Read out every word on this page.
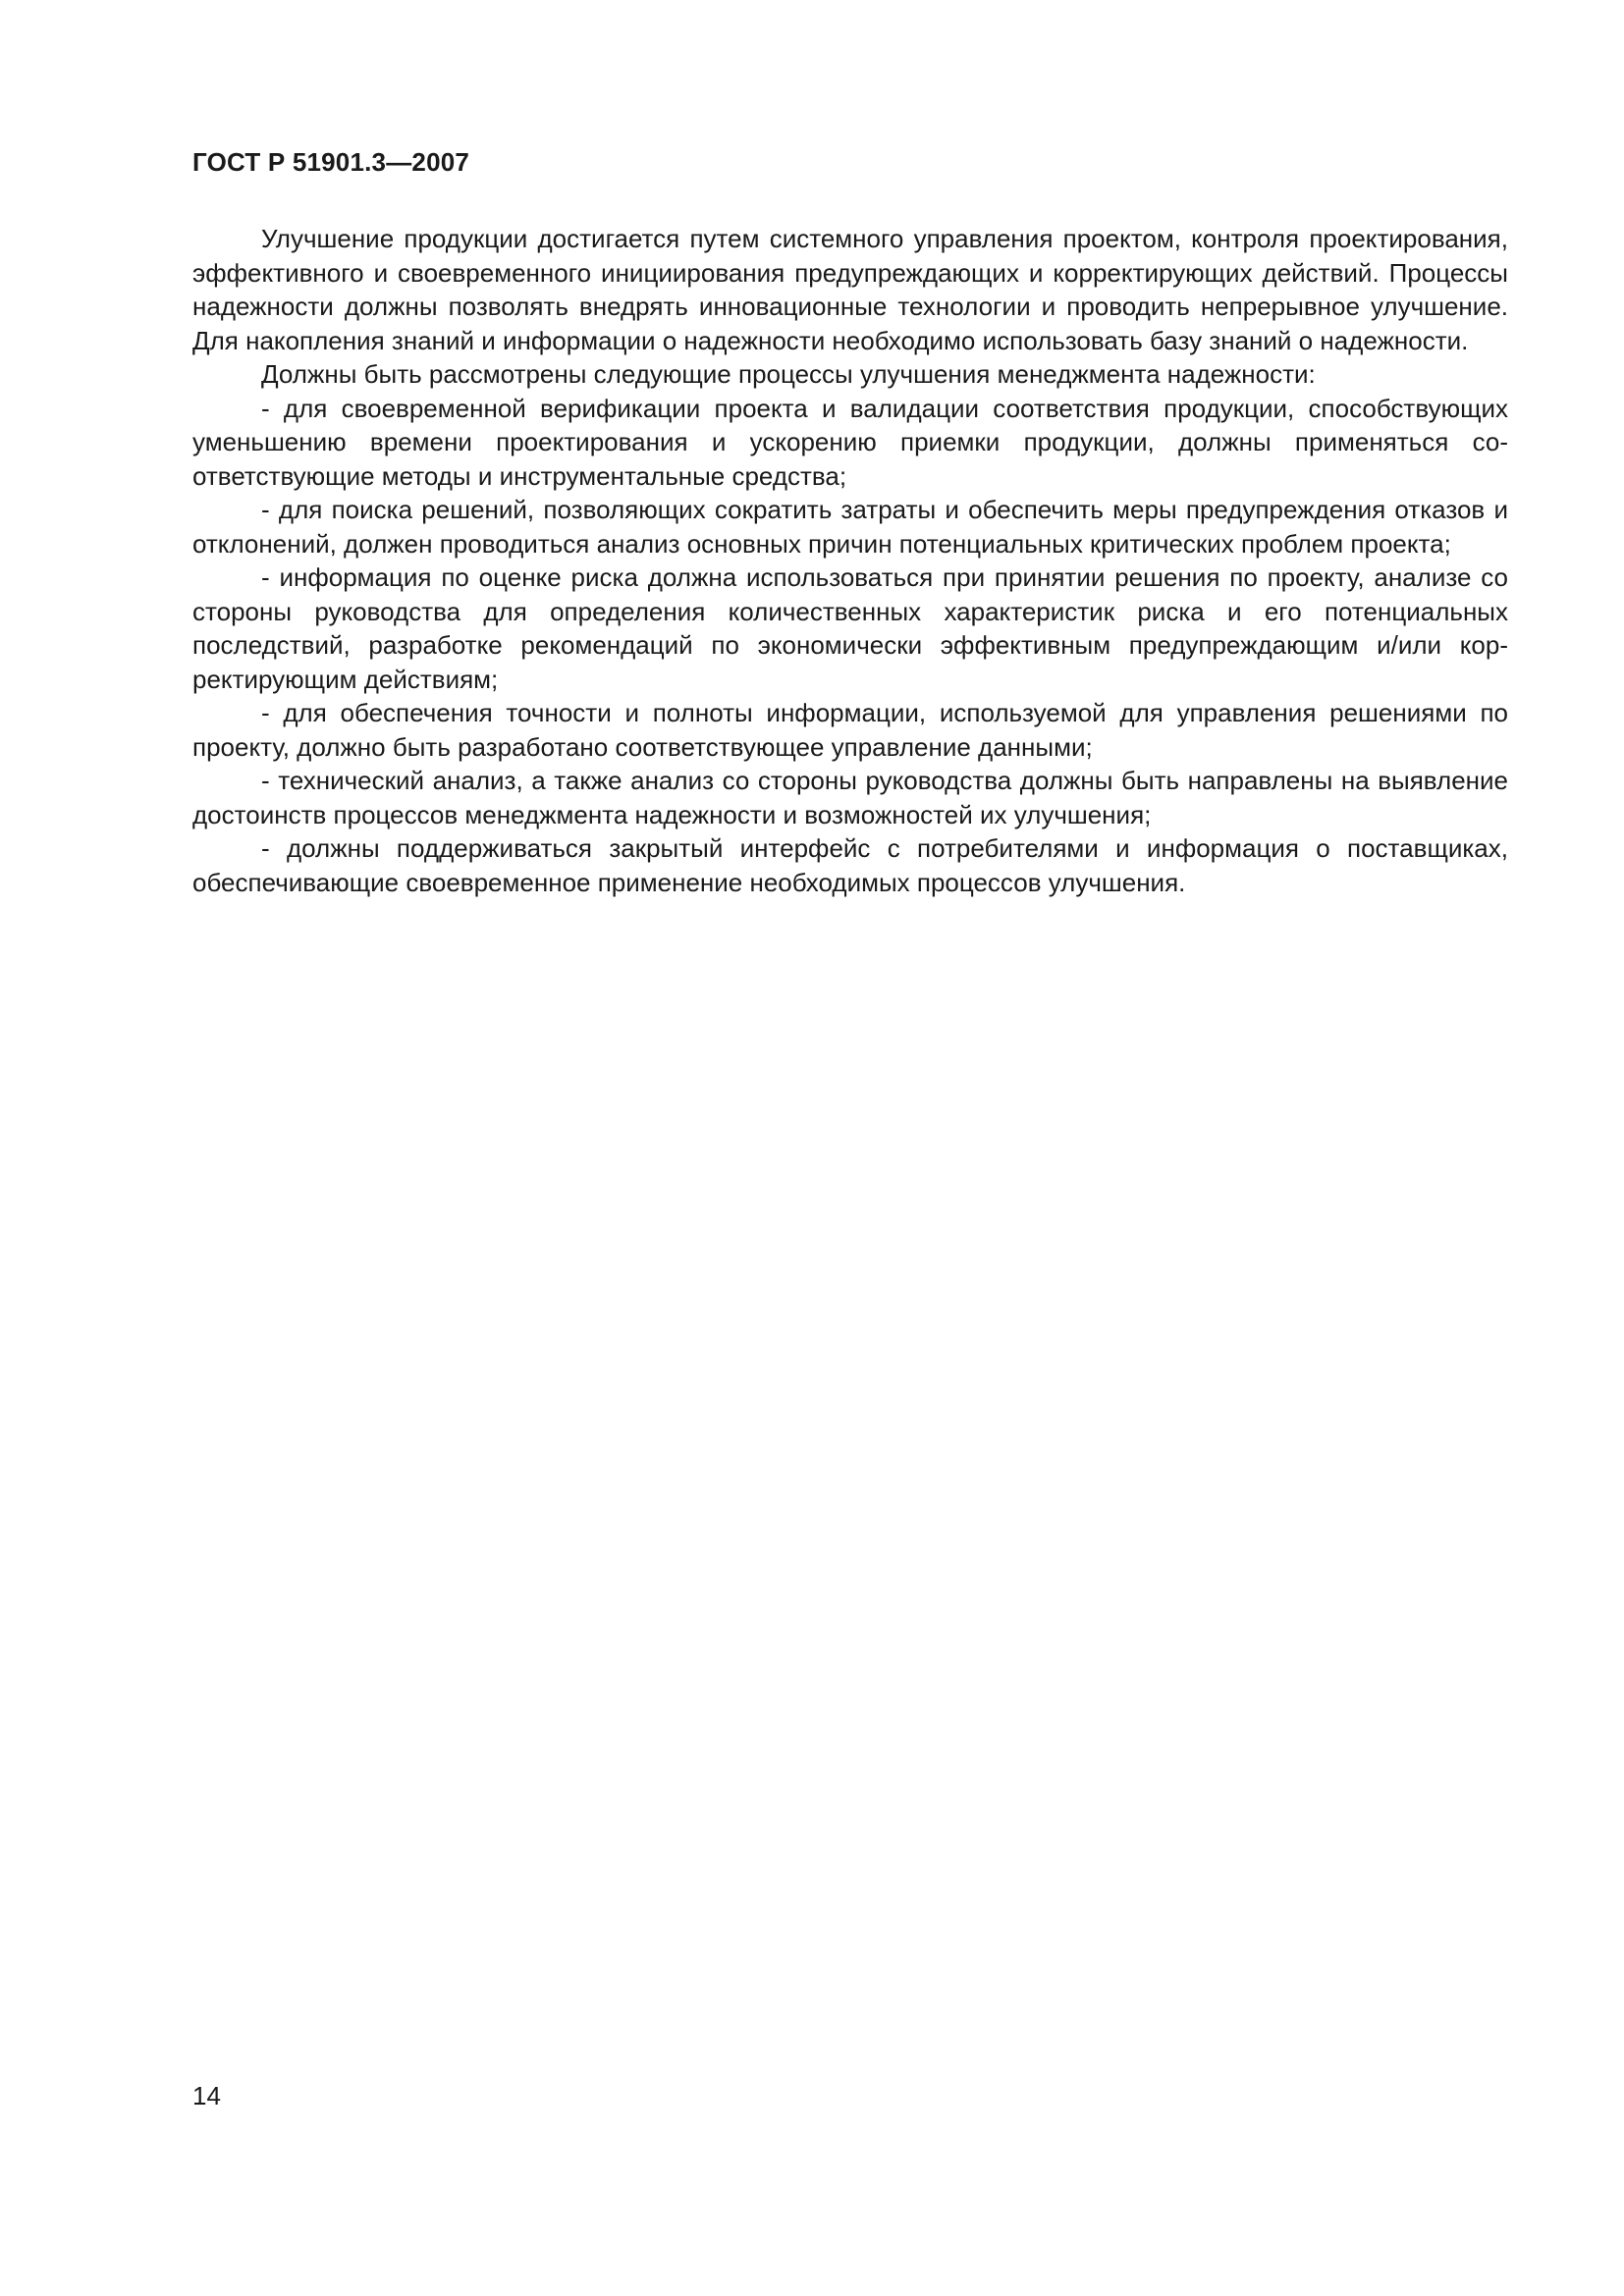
ГОСТ Р 51901.3—2007

Улучшение продукции достигается путем системного управления проектом, контроля проектирования, эффективного и своевременного инициирования предупреждающих и корректирующих действий. Процессы надежности должны позволять внедрять инновационные технологии и проводить непрерывное улучшение. Для накопления знаний и информации о надежности необходимо использовать базу знаний о надежности.

Должны быть рассмотрены следующие процессы улучшения менеджмента надежности:

- для своевременной верификации проекта и валидации соответствия продукции, способствующих уменьшению времени проектирования и ускорению приемки продукции, должны применяться соответствующие методы и инструментальные средства;

- для поиска решений, позволяющих сократить затраты и обеспечить меры предупреждения отказов и отклонений, должен проводиться анализ основных причин потенциальных критических проблем проекта;

- информация по оценке риска должна использоваться при принятии решения по проекту, анализе со стороны руководства для определения количественных характеристик риска и его потенциальных последствий, разработке рекомендаций по экономически эффективным предупреждающим и/или корректирующим действиям;

- для обеспечения точности и полноты информации, используемой для управления решениями по проекту, должно быть разработано соответствующее управление данными;

- технический анализ, а также анализ со стороны руководства должны быть направлены на выявление достоинств процессов менеджмента надежности и возможностей их улучшения;

- должны поддерживаться закрытый интерфейс с потребителями и информация о поставщиках, обеспечивающие своевременное применение необходимых процессов улучшения.

14
